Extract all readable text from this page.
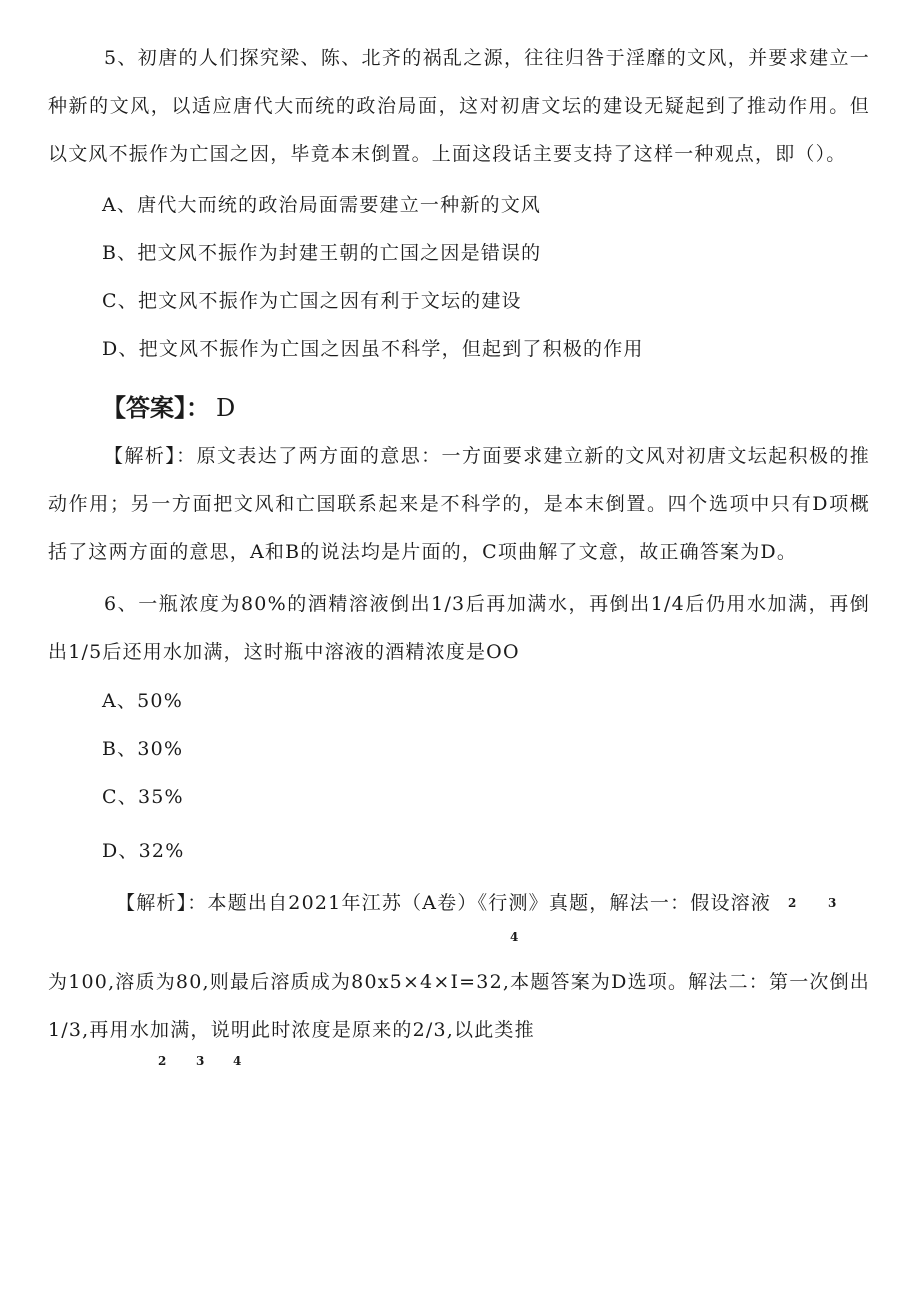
5、初唐的人们探究梁、陈、北齐的祸乱之源，往往归咎于淫靡的文风，并要求建立一种新的文风，以适应唐代大而统的政治局面，这对初唐文坛的建设无疑起到了推动作用。但以文风不振作为亡国之因，毕竟本末倒置。上面这段话主要支持了这样一种观点，即（）。
A、唐代大而统的政治局面需要建立一种新的文风
B、把文风不振作为封建王朝的亡国之因是错误的
C、把文风不振作为亡国之因有利于文坛的建设
D、把文风不振作为亡国之因虽不科学，但起到了积极的作用
【答案】： D
【解析】：原文表达了两方面的意思：一方面要求建立新的文风对初唐文坛起积极的推动作用；另一方面把文风和亡国联系起来是不科学的，是本末倒置。四个选项中只有D项概括了这两方面的意思，A和B的说法均是片面的，C项曲解了文意，故正确答案为D。
6、一瓶浓度为80%的酒精溶液倒出1/3后再加满水，再倒出1/4后仍用水加满，再倒出1/5后还用水加满，这时瓶中溶液的酒精浓度是OO
A、50%
B、30%
C、35%
D、32%
【解析】：本题出自2021年江苏（A卷）《行测》真题，解法一：假设溶液 2	3
4
为100,溶质为80,则最后溶质成为80x5×4×I=32,本题答案为D选项。解法二：第一次倒出1/3,再用水加满，说明此时浓度是原来的2/3,以此类推
2 3 4
